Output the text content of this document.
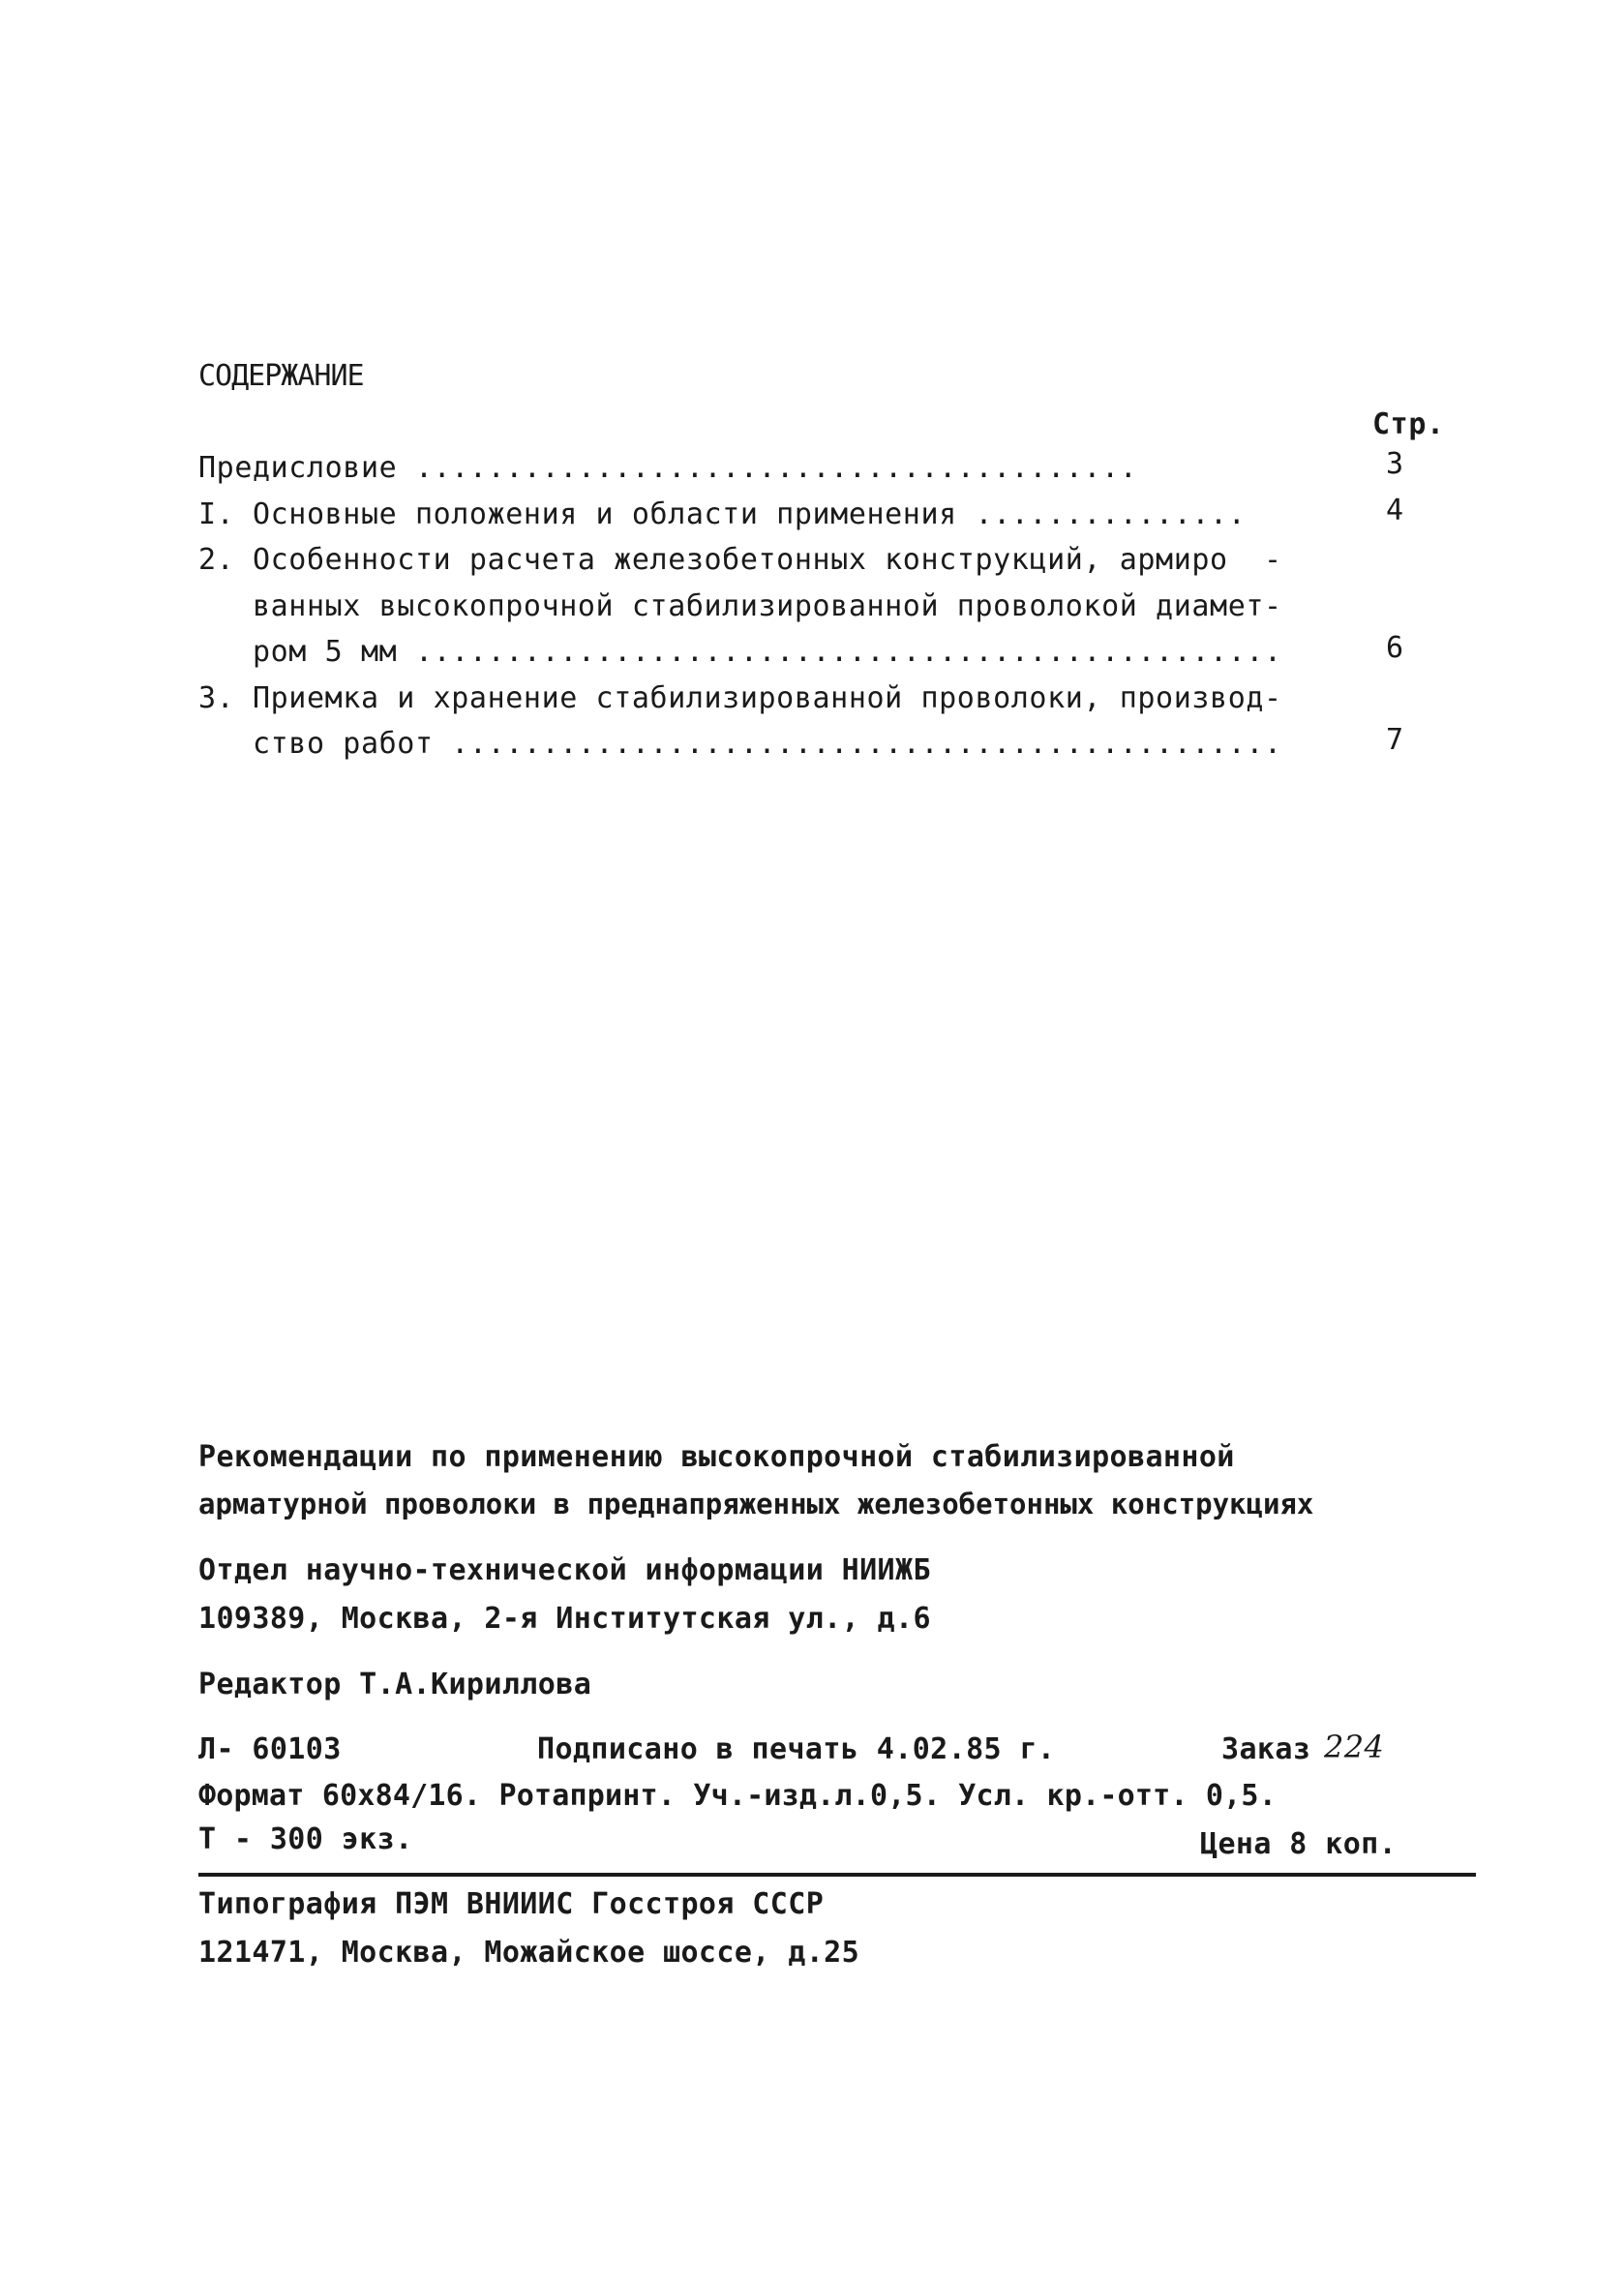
СОДЕРЖАНИЕ
Стр.
Предисловие ........................................	3
I. Основные положения и области применения ...............	4
2. Особенности расчета железобетонных конструкций, армиро  -
ванных высокопрочной стабилизированной проволокой диамет-
ром 5 мм ................................................	6
3. Приемка и хранение стабилизированной проволоки, производ-
ство работ ..............................................	7
Рекомендации по применению высокопрочной стабилизированной
арматурной проволоки в преднапряженных железобетонных конструкциях
Отдел научно-технической информации НИИЖБ
109389, Москва, 2-я Институтская ул., д.6
Редактор Т.А.Кириллова
Л- 60103	Подписано в печать 4.02.85 г.	Заказ 224
Формат 60х84/16. Ротапринт. Уч.-изд.л.0,5. Усл. кр.-отт. 0,5.
Т - 300 экз.	Цена 8 коп.
Типография ПЭМ ВНИИИС Госстроя СССР
121471, Москва, Можайское шоссе, д.25
